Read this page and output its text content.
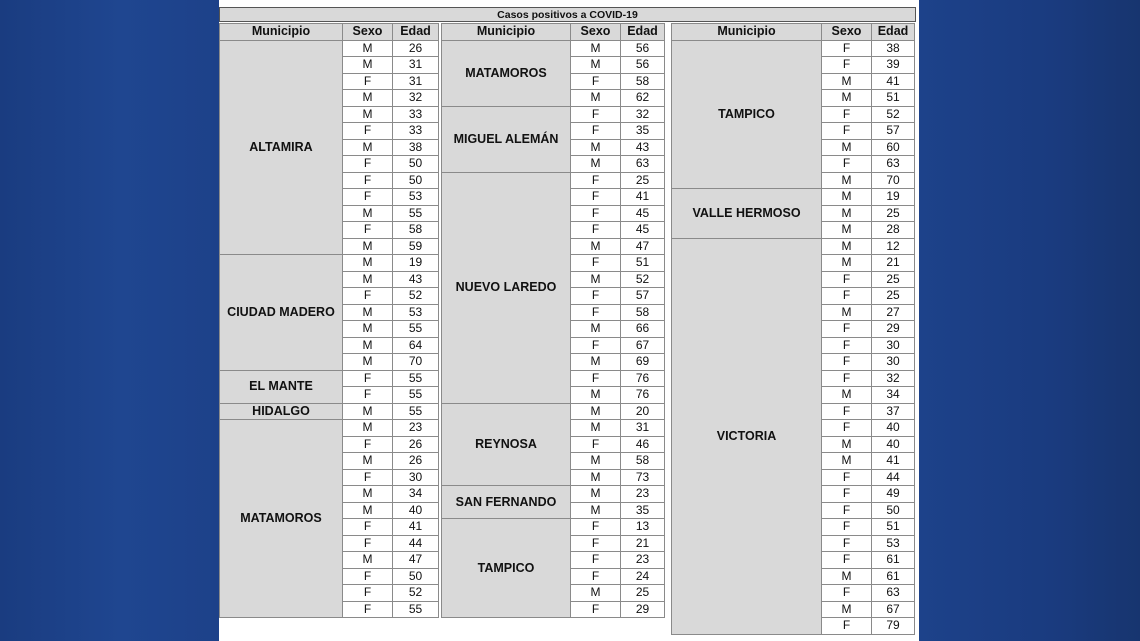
Casos positivos a COVID-19
Municipio	Sexo	Edad
ALTAMIRA	M	26
	M	31
	F	31
	M	32
	M	33
	F	33
	M	38
	F	50
	F	50
	F	53
	M	55
	F	58
	M	59
CIUDAD MADERO	M	19
	M	43
	F	52
	M	53
	M	55
	M	64
	M	70
EL MANTE	F	55
	F	55
HIDALGO	M	55
MATAMOROS	M	23
	F	26
	M	26
	F	30
	M	34
	M	40
	F	41
	F	44
	M	47
	F	50
	F	52
	F	55
Municipio	Sexo	Edad
MATAMOROS	M	56
	M	56
	F	58
	M	62
MIGUEL ALEMÁN	F	32
	F	35
	M	43
	M	63
NUEVO LAREDO	F	25
	F	41
	F	45
	F	45
	M	47
	F	51
	M	52
	F	57
	F	58
	M	66
	F	67
	M	69
	F	76
	M	76
REYNOSA	M	20
	M	31
	F	46
	M	58
	M	73
SAN FERNANDO	M	23
	M	35
TAMPICO	F	13
	F	21
	F	23
	F	24
	M	25
	F	29
Municipio	Sexo	Edad
TAMPICO	F	38
	F	39
	M	41
	M	51
	F	52
	F	57
	M	60
	F	63
	M	70
VALLE HERMOSO	M	19
	M	25
	M	28
VICTORIA	M	12
	M	21
	F	25
	F	25
	M	27
	F	29
	F	30
	F	30
	F	32
	M	34
	F	37
	F	40
	M	40
	M	41
	F	44
	F	49
	F	50
	F	51
	F	53
	F	61
	M	61
	F	63
	M	67
	F	79
